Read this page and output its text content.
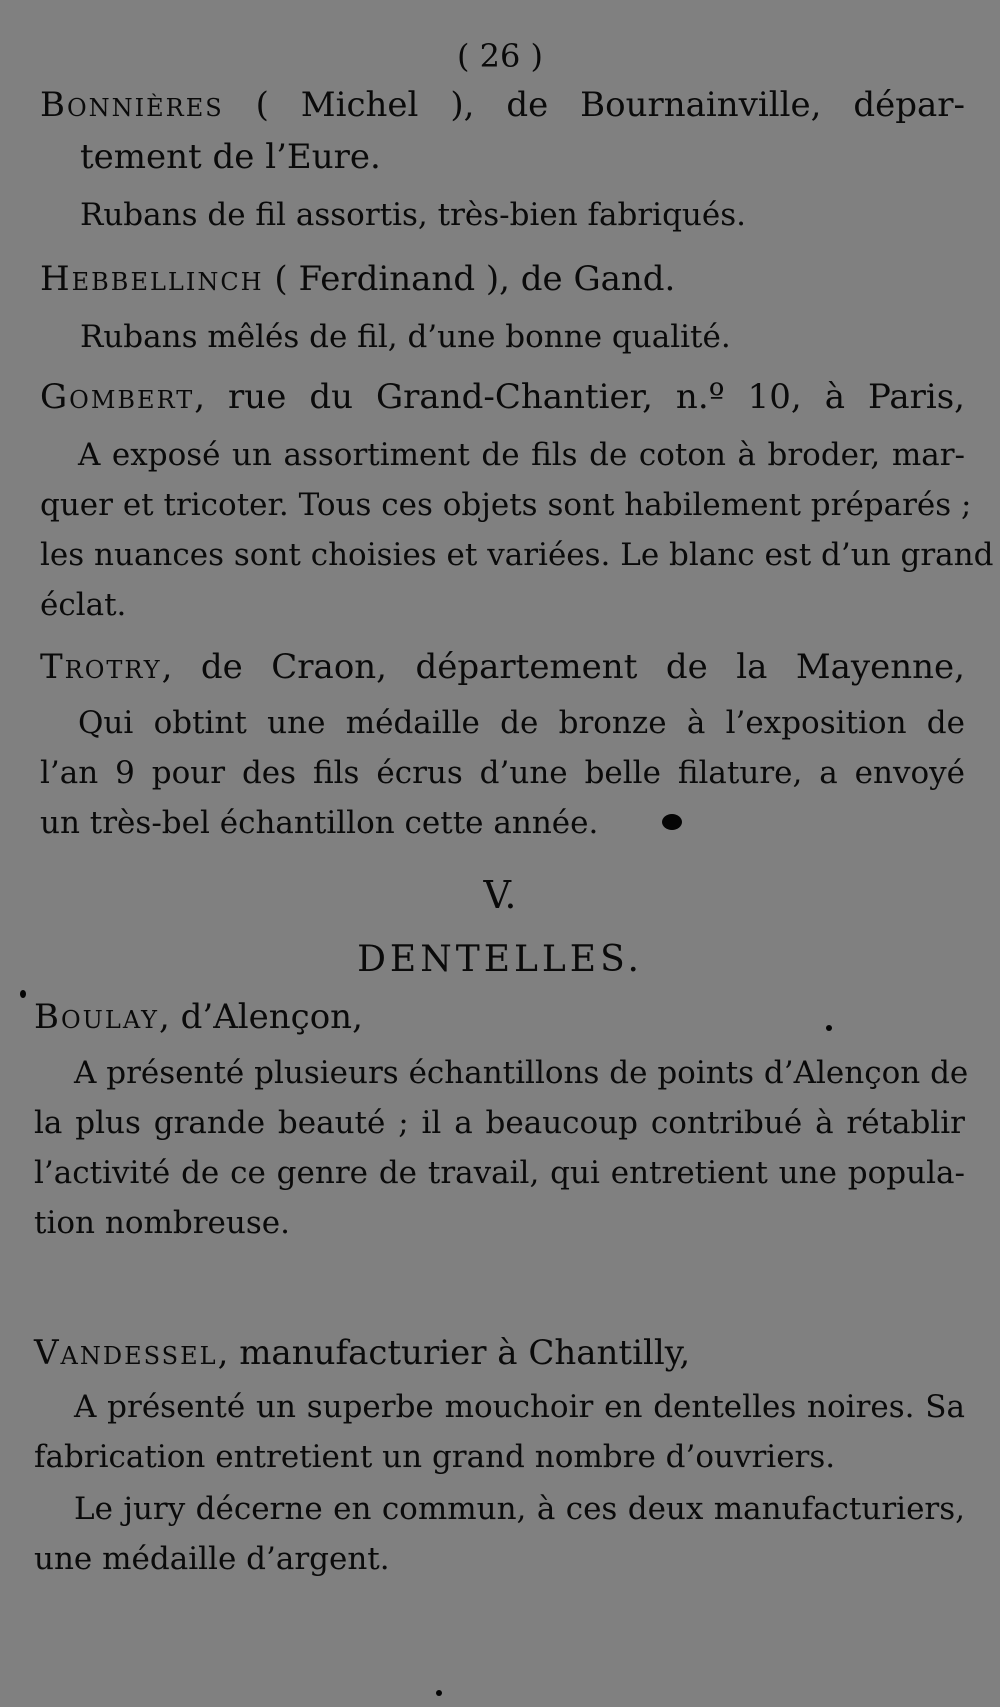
( 26 )
Bonnières ( Michel ), de Bournainville, dépar-
tement de l’Eure.
Rubans de fil assortis, très-bien fabriqués.
Hebbellinch ( Ferdinand ), de Gand.
Rubans mêlés de fil, d’une bonne qualité.
Gombert, rue du Grand-Chantier, n.º 10, à Paris,
A exposé un assortiment de fils de coton à broder, mar-
quer et tricoter. Tous ces objets sont habilement préparés ;
les nuances sont choisies et variées. Le blanc est d’un grand
éclat.
Trotry, de Craon, département de la Mayenne,
Qui obtint une médaille de bronze à l’exposition de
l’an 9 pour des fils écrus d’une belle filature, a envoyé
un très-bel échantillon cette année.
V.
DENTELLES.
Boulay, d’Alençon,
A présenté plusieurs échantillons de points d’Alençon de
la plus grande beauté ; il a beaucoup contribué à rétablir
l’activité de ce genre de travail, qui entretient une popula-
tion nombreuse.
Vandessel, manufacturier à Chantilly,
A présenté un superbe mouchoir en dentelles noires. Sa
fabrication entretient un grand nombre d’ouvriers.
Le jury décerne en commun, à ces deux manufacturiers,
une médaille d’argent.
